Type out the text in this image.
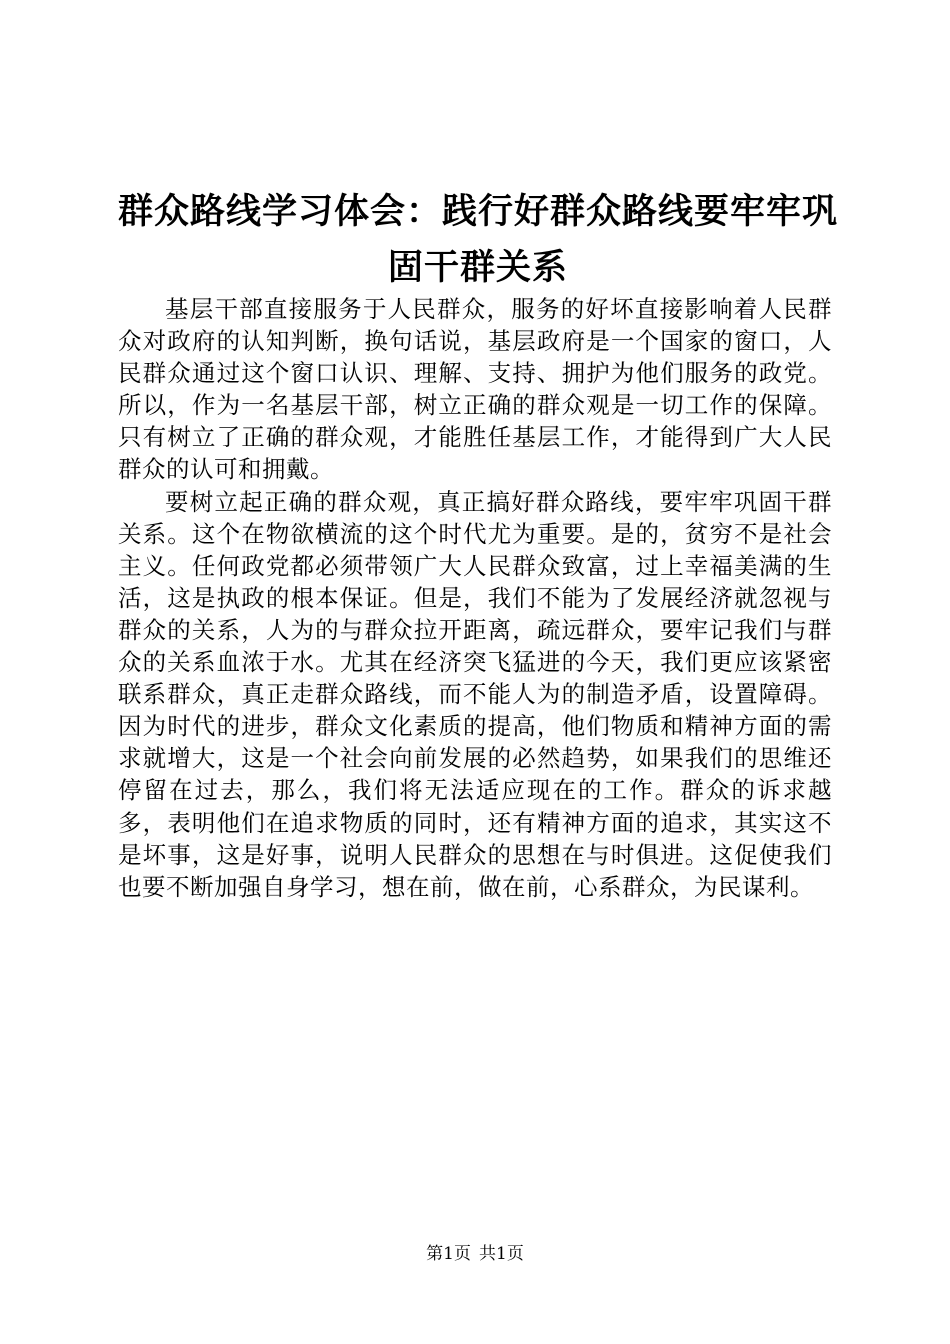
群众路线学习体会：践行好群众路线要牢牢巩固干群关系

基层干部直接服务于人民群众，服务的好坏直接影响着人民群众对政府的认知判断，换句话说，基层政府是一个国家的窗口，人民群众通过这个窗口认识、理解、支持、拥护为他们服务的政党。所以，作为一名基层干部，树立正确的群众观是一切工作的保障。只有树立了正确的群众观，才能胜任基层工作，才能得到广大人民群众的认可和拥戴。

要树立起正确的群众观，真正搞好群众路线，要牢牢巩固干群关系。这个在物欲横流的这个时代尤为重要。是的，贫穷不是社会主义。任何政党都必须带领广大人民群众致富，过上幸福美满的生活，这是执政的根本保证。但是，我们不能为了发展经济就忽视与群众的关系，人为的与群众拉开距离，疏远群众，要牢记我们与群众的关系血浓于水。尤其在经济突飞猛进的今天，我们更应该紧密联系群众，真正走群众路线，而不能人为的制造矛盾，设置障碍。因为时代的进步，群众文化素质的提高，他们物质和精神方面的需求就增大，这是一个社会向前发展的必然趋势，如果我们的思维还停留在过去，那么，我们将无法适应现在的工作。群众的诉求越多，表明他们在追求物质的同时，还有精神方面的追求，其实这不是坏事，这是好事，说明人民群众的思想在与时俱进。这促使我们也要不断加强自身学习，想在前，做在前，心系群众，为民谋利。

第1页 共1页
